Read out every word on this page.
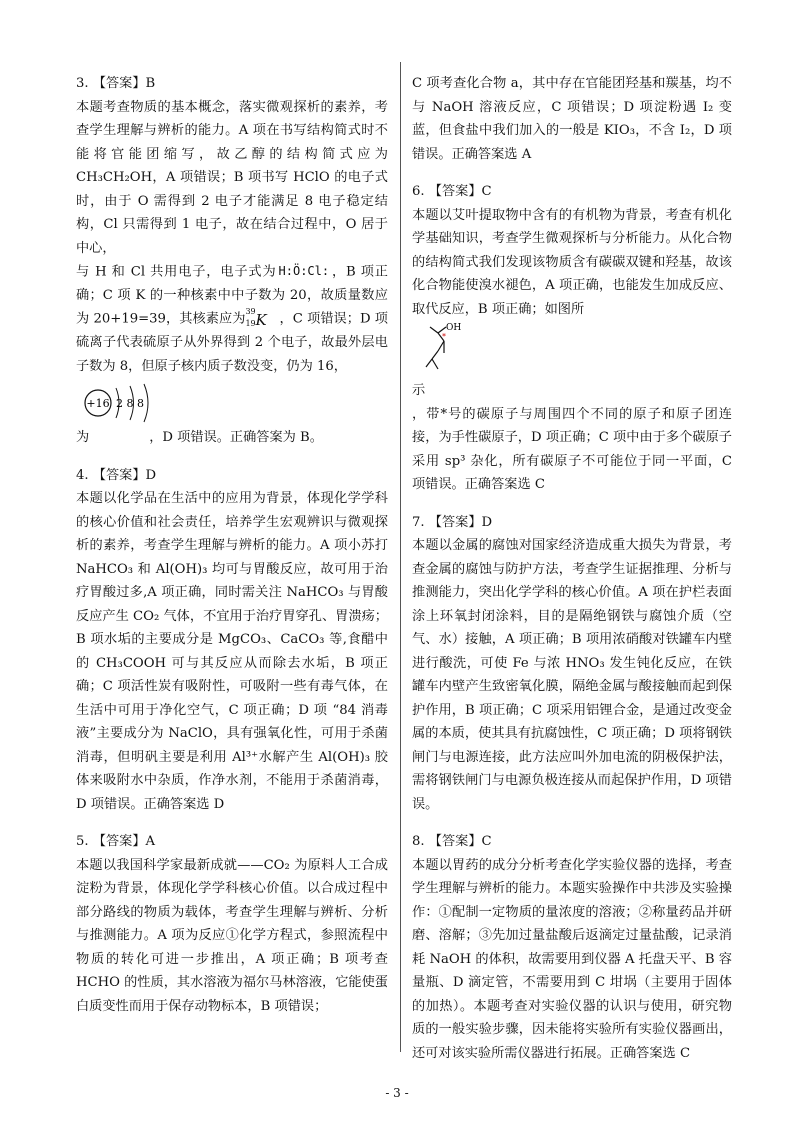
3. 【答案】B

本题考查物质的基本概念，落实微观探析的素养，考查学生理解与辨析的能力。A 项在书写结构简式时不能将官能团缩写，故乙醇的结构简式应为 CH₃CH₂OH，A 项错误；B 项书写 HClO 的电子式时，由于 O 需得到 2 电子才能满足 8 电子稳定结构，Cl 只需得到 1 电子，故在结合过程中，O 居于中心，
与 H 和 Cl 共用电子，电子式为 H:Ö:Cl: ，B 项正确；C 项 K 的一种核素中中子数为 20，故质量数应为 20+19=39，其核素应为 39
19 K ，C 项错误；D 项硫离子代表硫原子从外界得到 2 个电子，故最外层电子数为 8，但原子核内质子数没变，仍为 16，

+16 2 8 8

为	，D 项错误。正确答案为 B。

4. 【答案】D

本题以化学品在生活中的应用为背景，体现化学学科的核心价值和社会责任，培养学生宏观辨识与微观探析的素养，考查学生理解与辨析的能力。A 项小苏打 NaHCO₃ 和 Al(OH)₃ 均可与胃酸反应，故可用于治疗胃酸过多,A 项正确，同时需关注 NaHCO₃ 与胃酸反应产生 CO₂ 气体，不宜用于治疗胃穿孔、胃溃疡；B 项水垢的主要成分是 MgCO₃、CaCO₃ 等,食醋中的 CH₃COOH 可与其反应从而除去水垢，B 项正确；C 项活性炭有吸附性，可吸附一些有毒气体，在生活中可用于净化空气，C 项正确；D 项 “84 消毒液”主要成分为 NaClO，具有强氧化性，可用于杀菌消毒，但明矾主要是利用 Al³⁺水解产生 Al(OH)₃ 胶体来吸附水中杂质，作净水剂，不能用于杀菌消毒，D 项错误。正确答案选 D

5. 【答案】A

本题以我国科学家最新成就——CO₂ 为原料人工合成淀粉为背景，体现化学学科核心价值。以合成过程中部分路线的物质为载体，考查学生理解与辨析、分析与推测能力。A 项为反应①化学方程式，参照流程中物质的转化可进一步推出，A 项正确；B 项考查 HCHO 的性质，其水溶液为福尔马林溶液，它能使蛋白质变性而用于保存动物标本，B 项错误；

C 项考查化合物 a，其中存在官能团羟基和羰基，均不与 NaOH 溶液反应，C 项错误；D 项淀粉遇 I₂ 变蓝，但食盐中我们加入的一般是 KIO₃，不含 I₂，D 项错误。正确答案选 A

6. 【答案】C

本题以艾叶提取物中含有的有机物为背景，考查有机化学基础知识，考查学生微观探析与分析能力。从化合物的结构简式我们发现该物质含有碳碳双键和羟基，故该化合物能使溴水褪色，A 项正确，也能发生加成反应、取代反应，B 项正确；如图所

*
OH

示

，带*号的碳原子与周围四个不同的原子和原子团连接，为手性碳原子，D 项正确；C 项中由于多个碳原子采用 sp³ 杂化，所有碳原子不可能位于同一平面，C 项错误。正确答案选 C

7. 【答案】D

本题以金属的腐蚀对国家经济造成重大损失为背景，考查金属的腐蚀与防护方法，考查学生证据推理、分析与推测能力，突出化学学科的核心价值。A 项在护栏表面涂上环氧封闭涂料，目的是隔绝钢铁与腐蚀介质（空气、水）接触，A 项正确；B 项用浓硝酸对铁罐车内壁进行酸洗，可使 Fe 与浓 HNO₃ 发生钝化反应，在铁罐车内壁产生致密氧化膜，隔绝金属与酸接触而起到保护作用，B 项正确；C 项采用铝锂合金，是通过改变金属的本质，使其具有抗腐蚀性，C 项正确；D 项将钢铁闸门与电源连接，此方法应叫外加电流的阴极保护法，需将钢铁闸门与电源负极连接从而起保护作用，D 项错误。

8. 【答案】C

本题以胃药的成分分析考查化学实验仪器的选择，考查学生理解与辨析的能力。本题实验操作中共涉及实验操作：①配制一定物质的量浓度的溶液；②称量药品并研磨、溶解；③先加过量盐酸后返滴定过量盐酸，记录消耗 NaOH 的体积，故需要用到仪器 A 托盘天平、B 容量瓶、D 滴定管，不需要用到 C 坩埚（主要用于固体的加热）。本题考查对实验仪器的认识与使用，研究物质的一般实验步骤，因未能将实验所有实验仪器画出，还可对该实验所需仪器进行拓展。正确答案选 C

- 3 -
